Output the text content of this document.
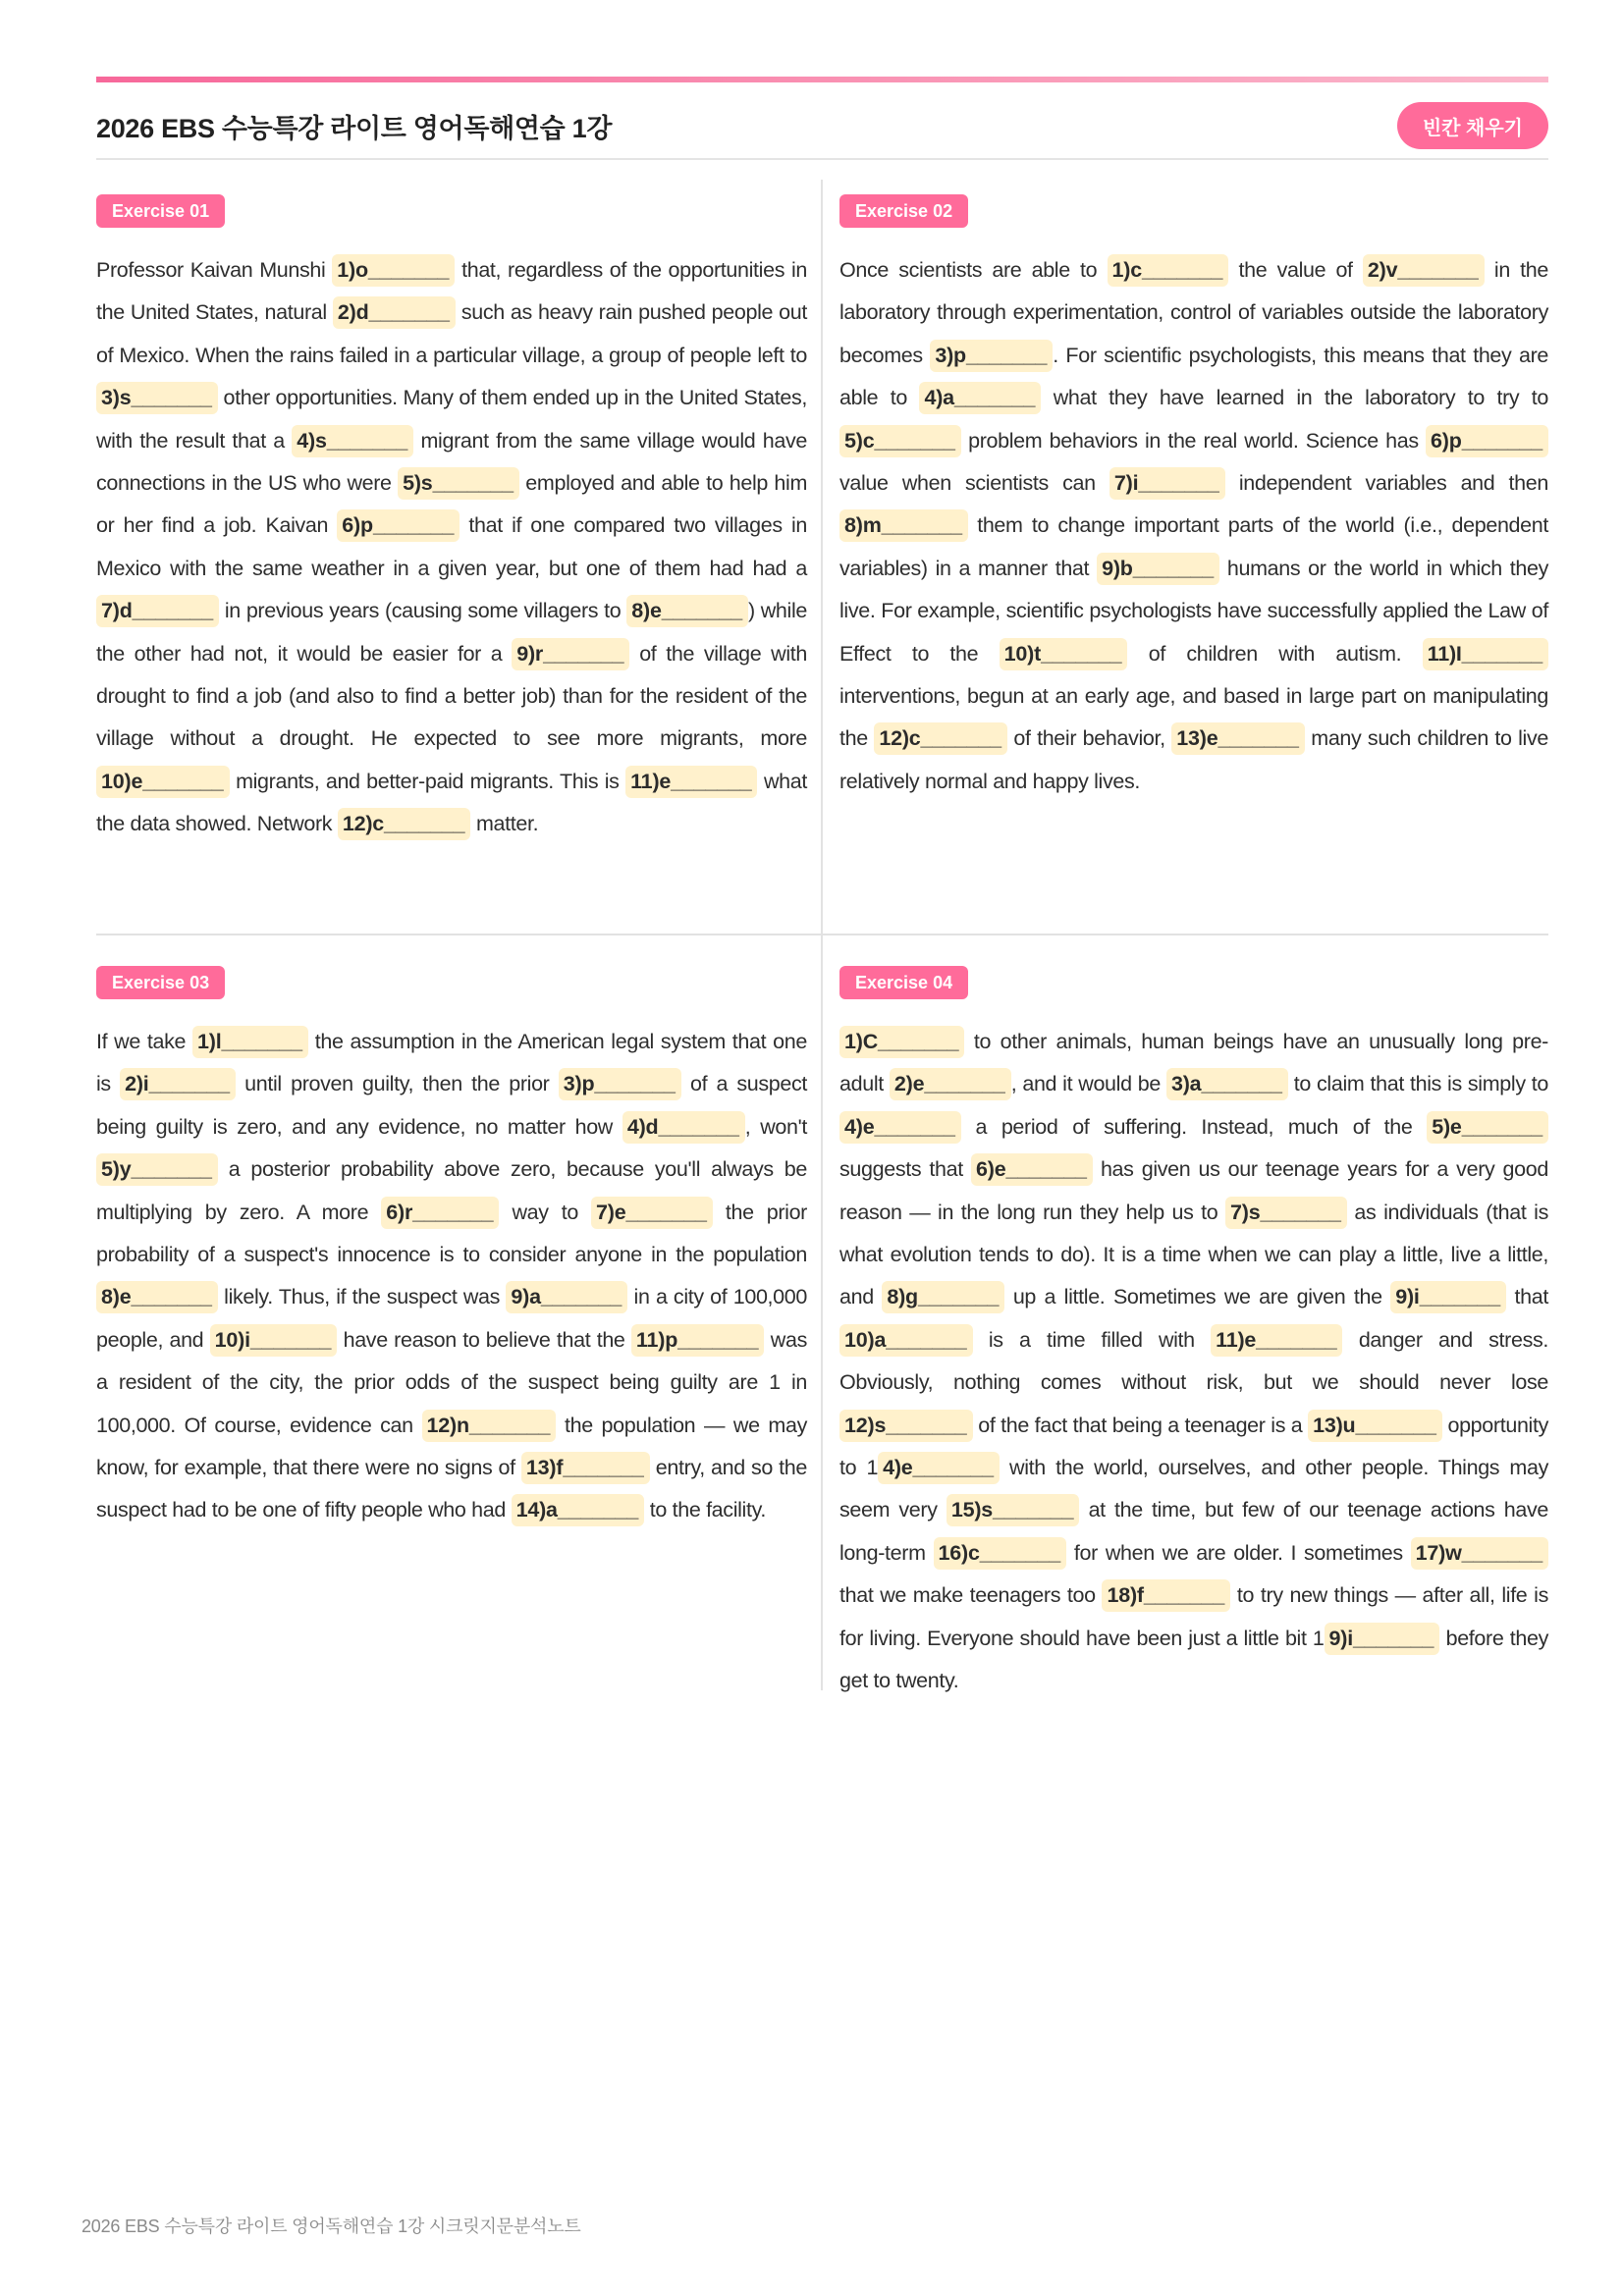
2026 EBS 수능특강 라이트 영어독해연습 1강	빈칸 채우기
Exercise 01
Professor Kaivan Munshi 1)o_______ that, regardless of the opportunities in the United States, natural 2)d_______ such as heavy rain pushed people out of Mexico. When the rains failed in a particular village, a group of people left to 3)s_______ other opportunities. Many of them ended up in the United States, with the result that a 4)s_______ migrant from the same village would have connections in the US who were 5)s_______ employed and able to help him or her find a job. Kaivan 6)p_______ that if one compared two villages in Mexico with the same weather in a given year, but one of them had had a 7)d_______ in previous years (causing some villagers to 8)e_______ ) while the other had not, it would be easier for a 9)r_______ of the village with drought to find a job (and also to find a better job) than for the resident of the village without a drought. He expected to see more migrants, more 10)e_______ migrants, and better-paid migrants. This is 11)e_______ what the data showed. Network 12)c_______ matter.
Exercise 02
Once scientists are able to 1)c_______ the value of 2)v_______ in the laboratory through experimentation, control of variables outside the laboratory becomes 3)p_______ . For scientific psychologists, this means that they are able to 4)a_______ what they have learned in the laboratory to try to 5)c_______ problem behaviors in the real world. Science has 6)p_______ value when scientists can 7)i_______ independent variables and then 8)m_______ them to change important parts of the world (i.e., dependent variables) in a manner that 9)b_______ humans or the world in which they live. For example, scientific psychologists have successfully applied the Law of Effect to the 10)t_______ of children with autism. 11)I_______ interventions, begun at an early age, and based in large part on manipulating the 12)c_______ of their behavior, 13)e_______ many such children to live relatively normal and happy lives.
Exercise 03
If we take 1)l_______ the assumption in the American legal system that one is 2)i_______ until proven guilty, then the prior 3)p_______ of a suspect being guilty is zero, and any evidence, no matter how 4)d_______ , won't 5)y_______ a posterior probability above zero, because you'll always be multiplying by zero. A more 6)r_______ way to 7)e_______ the prior probability of a suspect's innocence is to consider anyone in the population 8)e_______ likely. Thus, if the suspect was 9)a_______ in a city of 100,000 people, and 10)i_______ have reason to believe that the 11)p_______ was a resident of the city, the prior odds of the suspect being guilty are 1 in 100,000. Of course, evidence can 12)n_______ the population — we may know, for example, that there were no signs of 13)f_______ entry, and so the suspect had to be one of fifty people who had 14)a_______ to the facility.
Exercise 04
1)C_______ to other animals, human beings have an unusually long pre-adult 2)e_______ , and it would be 3)a_______ to claim that this is simply to 4)e_______ a period of suffering. Instead, much of the 5)e_______ suggests that 6)e_______ has given us our teenage years for a very good reason — in the long run they help us to 7)s_______ as individuals (that is what evolution tends to do). It is a time when we can play a little, live a little, and 8)g_______ up a little. Sometimes we are given the 9)i_______ that 10)a_______ is a time filled with 11)e_______ danger and stress. Obviously, nothing comes without risk, but we should never lose 12)s_______ of the fact that being a teenager is a 13)u_______ opportunity to 1 4)e_______ with the world, ourselves, and other people. Things may seem very 15)s_______ at the time, but few of our teenage actions have long-term 16)c_______ for when we are older. I sometimes 17)w_______ that we make teenagers too 18)f_______ to try new things — after all, life is for living. Everyone should have been just a little bit 1 9)i_______ before they get to twenty.
2026 EBS 수능특강 라이트 영어독해연습 1강 시크릿지문분석노트
